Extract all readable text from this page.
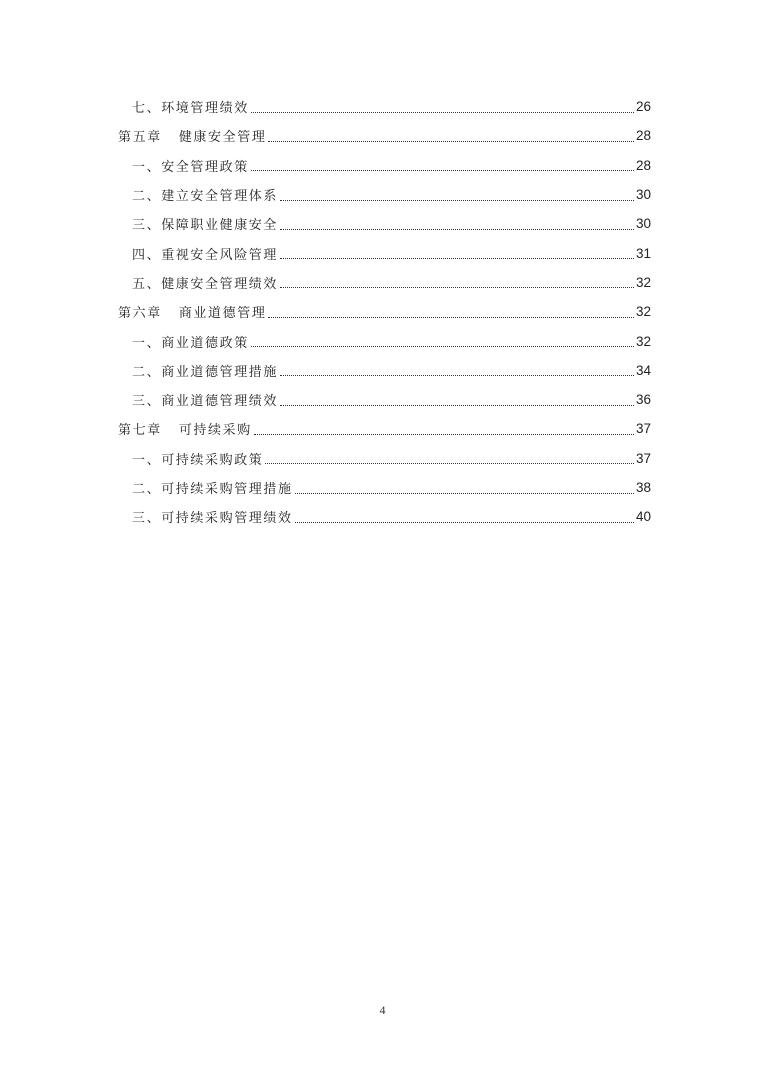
七、环境管理绩效	26
第五章 健康安全管理	28
一、安全管理政策	28
二、建立安全管理体系	30
三、保障职业健康安全	30
四、重视安全风险管理	31
五、健康安全管理绩效	32
第六章 商业道德管理	32
一、商业道德政策	32
二、商业道德管理措施	34
三、商业道德管理绩效	36
第七章 可持续采购	37
一、可持续采购政策	37
二、可持续采购管理措施	38
三、可持续采购管理绩效	40
4
